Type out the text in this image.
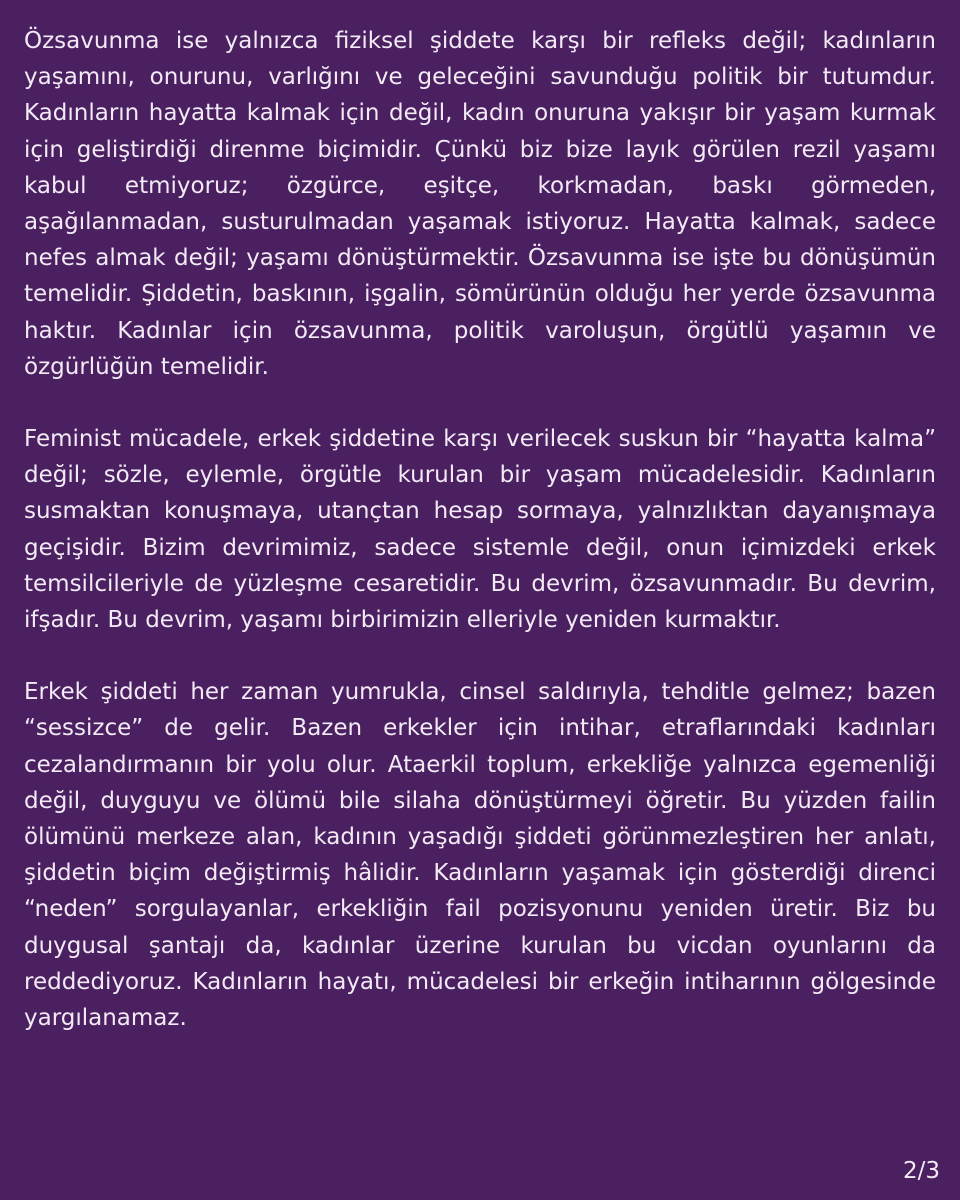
Özsavunma ise yalnızca fiziksel şiddete karşı bir refleks değil; kadınların yaşamını, onurunu, varlığını ve geleceğini savunduğu politik bir tutumdur. Kadınların hayatta kalmak için değil, kadın onuruna yakışır bir yaşam kurmak için geliştirdiği direnme biçimidir. Çünkü biz bize layık görülen rezil yaşamı kabul etmiyoruz; özgürce, eşitçe, korkmadan, baskı görmeden, aşağılanmadan, susturulmadan yaşamak istiyoruz. Hayatta kalmak, sadece nefes almak değil; yaşamı dönüştürmektir. Özsavunma ise işte bu dönüşümün temelidir. Şiddetin, baskının, işgalin, sömürünün olduğu her yerde özsavunma haktır. Kadınlar için özsavunma, politik varoluşun, örgütlü yaşamın ve özgürlüğün temelidir.

Feminist mücadele, erkek şiddetine karşı verilecek suskun bir “hayatta kalma” değil; sözle, eylemle, örgütle kurulan bir yaşam mücadelesidir. Kadınların susmaktan konuşmaya, utançtan hesap sormaya, yalnızlıktan dayanışmaya geçişidir. Bizim devrimimiz, sadece sistemle değil, onun içimizdeki erkek temsilcileriyle de yüzleşme cesaretidir. Bu devrim, özsavunmadır. Bu devrim, ifşadır. Bu devrim, yaşamı birbirimizin elleriyle yeniden kurmaktır.

Erkek şiddeti her zaman yumrukla, cinsel saldırıyla, tehditle gelmez; bazen “sessizce” de gelir. Bazen erkekler için intihar, etraflarındaki kadınları cezalandırmanın bir yolu olur. Ataerkil toplum, erkekliğe yalnızca egemenliği değil, duyguyu ve ölümü bile silaha dönüştürmeyi öğretir. Bu yüzden failin ölümünü merkeze alan, kadının yaşadığı şiddeti görünmezleştiren her anlatı, şiddetin biçim değiştirmiş hâlidir. Kadınların yaşamak için gösterdiği direnci “neden” sorgulayanlar, erkekliğin fail pozisyonunu yeniden üretir. Biz bu duygusal şantajı da, kadınlar üzerine kurulan bu vicdan oyunlarını da reddediyoruz. Kadınların hayatı, mücadelesi bir erkeğin intiharının gölgesinde yargılanamaz.

2/3
